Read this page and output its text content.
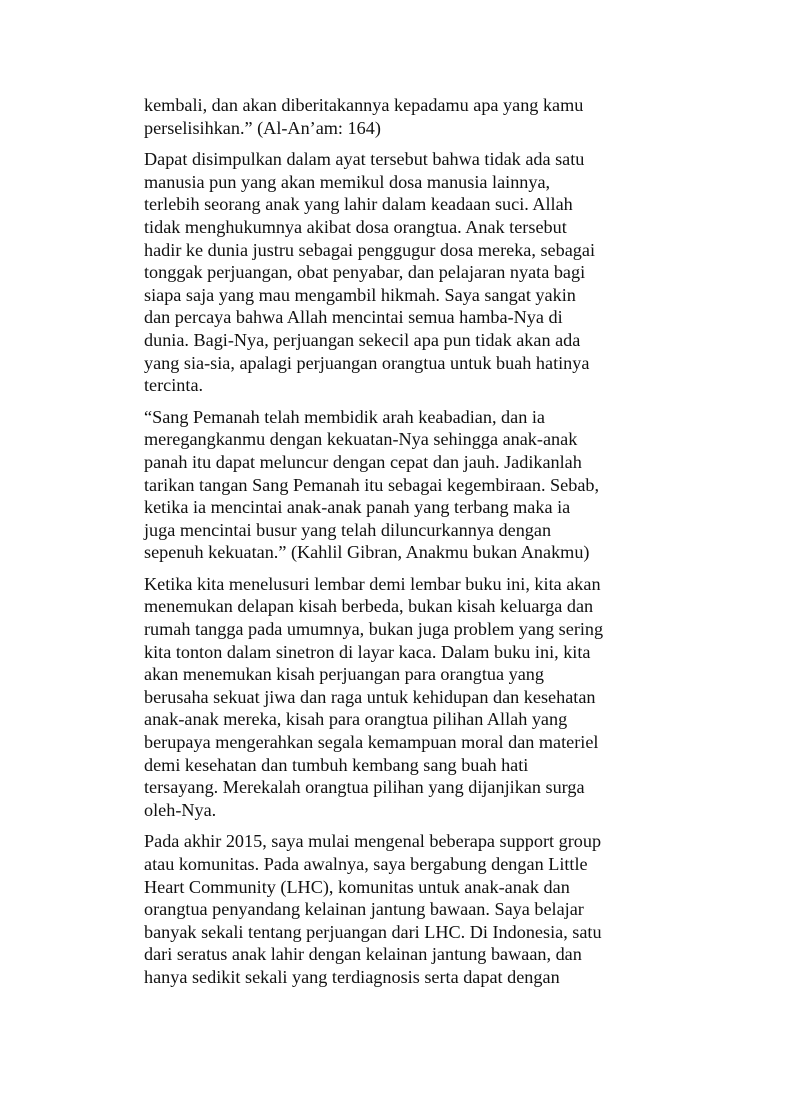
kembali, dan akan diberitakannya kepadamu apa yang kamu
perselisihkan.” (Al-An’am: 164)

Dapat disimpulkan dalam ayat tersebut bahwa tidak ada satu
manusia pun yang akan memikul dosa manusia lainnya,
terlebih seorang anak yang lahir dalam keadaan suci. Allah
tidak menghukumnya akibat dosa orangtua. Anak tersebut
hadir ke dunia justru sebagai penggugur dosa mereka, sebagai
tonggak perjuangan, obat penyabar, dan pelajaran nyata bagi
siapa saja yang mau mengambil hikmah. Saya sangat yakin
dan percaya bahwa Allah mencintai semua hamba-Nya di
dunia. Bagi-Nya, perjuangan sekecil apa pun tidak akan ada
yang sia-sia, apalagi perjuangan orangtua untuk buah hatinya
tercinta.

“Sang Pemanah telah membidik arah keabadian, dan ia
meregangkanmu dengan kekuatan-Nya sehingga anak-anak
panah itu dapat meluncur dengan cepat dan jauh. Jadikanlah
tarikan tangan Sang Pemanah itu sebagai kegembiraan. Sebab,
ketika ia mencintai anak-anak panah yang terbang maka ia
juga mencintai busur yang telah diluncurkannya dengan
sepenuh kekuatan.” (Kahlil Gibran, Anakmu bukan Anakmu)

Ketika kita menelusuri lembar demi lembar buku ini, kita akan
menemukan delapan kisah berbeda, bukan kisah keluarga dan
rumah tangga pada umumnya, bukan juga problem yang sering
kita tonton dalam sinetron di layar kaca. Dalam buku ini, kita
akan menemukan kisah perjuangan para orangtua yang
berusaha sekuat jiwa dan raga untuk kehidupan dan kesehatan
anak-anak mereka, kisah para orangtua pilihan Allah yang
berupaya mengerahkan segala kemampuan moral dan materiel
demi kesehatan dan tumbuh kembang sang buah hati
tersayang. Merekalah orangtua pilihan yang dijanjikan surga
oleh-Nya.

Pada akhir 2015, saya mulai mengenal beberapa support group
atau komunitas. Pada awalnya, saya bergabung dengan Little
Heart Community (LHC), komunitas untuk anak-anak dan
orangtua penyandang kelainan jantung bawaan. Saya belajar
banyak sekali tentang perjuangan dari LHC. Di Indonesia, satu
dari seratus anak lahir dengan kelainan jantung bawaan, dan
hanya sedikit sekali yang terdiagnosis serta dapat dengan
